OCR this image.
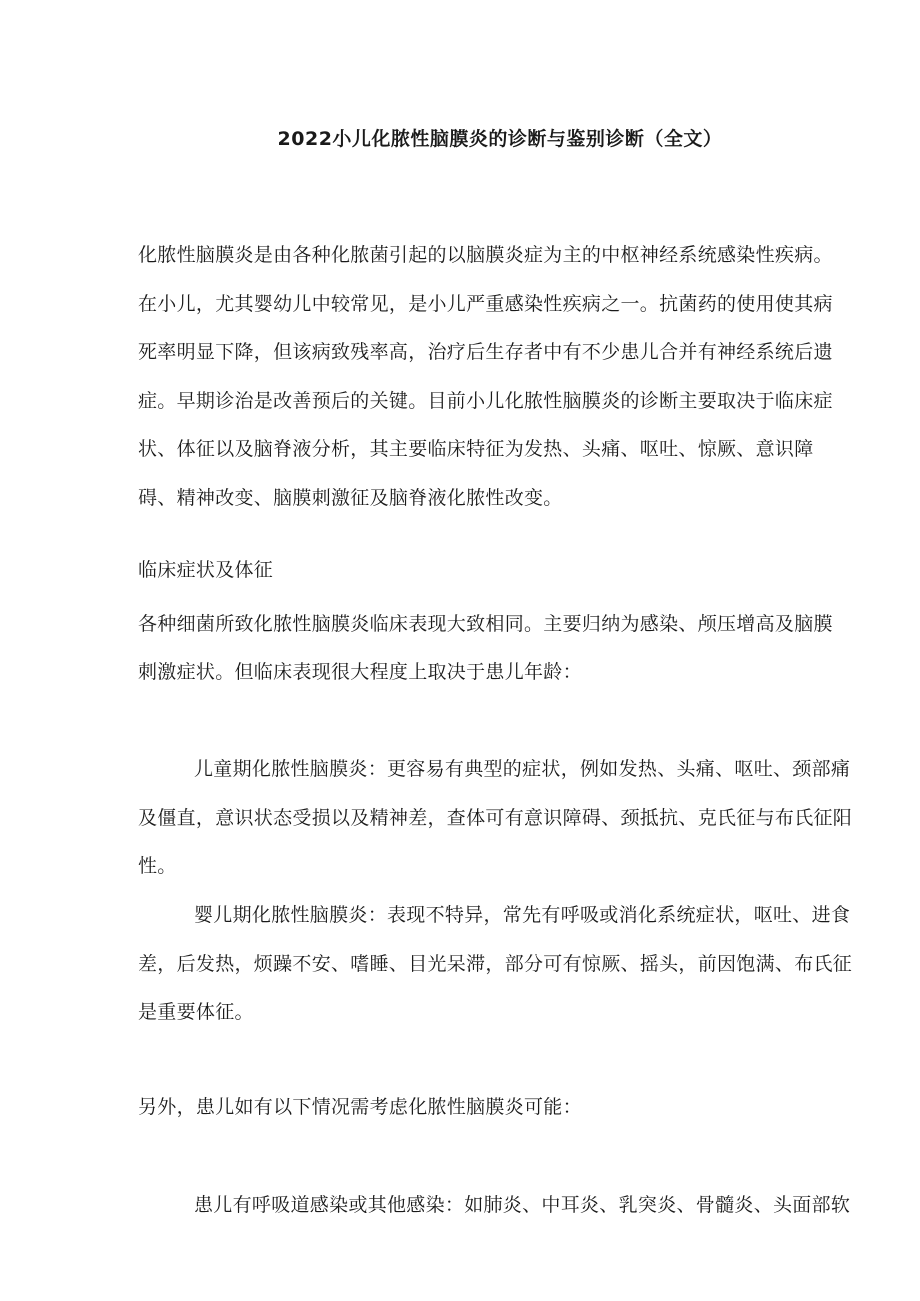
2022小儿化脓性脑膜炎的诊断与鉴别诊断（全文）
化脓性脑膜炎是由各种化脓菌引起的以脑膜炎症为主的中枢神经系统感染性疾病。
在小儿，尤其婴幼儿中较常见，是小儿严重感染性疾病之一。抗菌药的使用使其病
死率明显下降，但该病致残率高，治疗后生存者中有不少患儿合并有神经系统后遗
症。早期诊治是改善预后的关键。目前小儿化脓性脑膜炎的诊断主要取决于临床症
状、体征以及脑脊液分析，其主要临床特征为发热、头痛、呕吐、惊厥、意识障
碍、精神改变、脑膜刺激征及脑脊液化脓性改变。
临床症状及体征
各种细菌所致化脓性脑膜炎临床表现大致相同。主要归纳为感染、颅压增高及脑膜
刺激症状。但临床表现很大程度上取决于患儿年龄：
儿童期化脓性脑膜炎：更容易有典型的症状，例如发热、头痛、呕吐、颈部痛
及僵直，意识状态受损以及精神差，查体可有意识障碍、颈抵抗、克氏征与布氏征阳
性。
婴儿期化脓性脑膜炎：表现不特异，常先有呼吸或消化系统症状，呕吐、进食
差，后发热，烦躁不安、嗜睡、目光呆滞，部分可有惊厥、摇头，前因饱满、布氏征
是重要体征。
另外，患儿如有以下情况需考虑化脓性脑膜炎可能：
患儿有呼吸道感染或其他感染：如肺炎、中耳炎、乳突炎、骨髓炎、头面部软
